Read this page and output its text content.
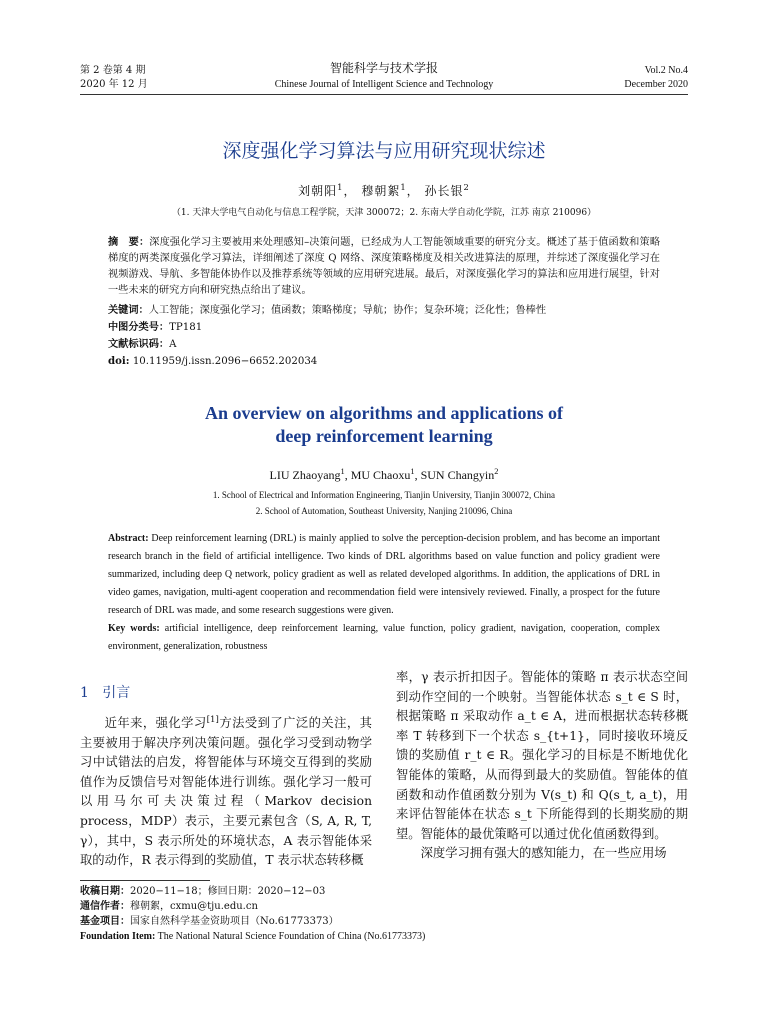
第 2 卷第 4 期
2020 年 12 月
智能科学与技术学报
Chinese Journal of Intelligent Science and Technology
Vol.2 No.4
December 2020
深度强化学习算法与应用研究现状综述
刘朝阳$^1$， 穆朝絮$^1$， 孙长银$^2$
（1. 天津大学电气自动化与信息工程学院，天津 300072；2. 东南大学自动化学院，江苏 南京 210096）
摘　要：深度强化学习主要被用来处理感知–决策问题，已经成为人工智能领域重要的研究分支。概述了基于值函数和策略梯度的两类深度强化学习算法，详细阐述了深度 Q 网络、深度策略梯度及相关改进算法的原理，并综述了深度强化学习在视频游戏、导航、多智能体协作以及推荐系统等领域的应用研究进展。最后，对深度强化学习的算法和应用进行展望，针对一些未来的研究方向和研究热点给出了建议。
关键词：人工智能；深度强化学习；值函数；策略梯度；导航；协作；复杂环境；泛化性；鲁棒性
中图分类号：TP181
文献标识码：A
doi: 10.11959/j.issn.2096−6652.202034
An overview on algorithms and applications of
deep reinforcement learning
LIU Zhaoyang$^1$, MU Chaoxu$^1$, SUN Changyin$^2$
1. School of Electrical and Information Engineering, Tianjin University, Tianjin 300072, China
2. School of Automation, Southeast University, Nanjing 210096, China
Abstract: Deep reinforcement learning (DRL) is mainly applied to solve the perception-decision problem, and has become an important research branch in the field of artificial intelligence. Two kinds of DRL algorithms based on value function and policy gradient were summarized, including deep Q network, policy gradient as well as related developed algorithms. In addition, the applications of DRL in video games, navigation, multi-agent cooperation and recommendation field were intensively reviewed. Finally, a prospect for the future research of DRL was made, and some research suggestions were given.
Key words: artificial intelligence, deep reinforcement learning, value function, policy gradient, navigation, cooperation, complex environment, generalization, robustness
1 引言

近年来，强化学习[1]方法受到了广泛的关注，其主要被用于解决序列决策问题。强化学习受到动物学习中试错法的启发，将智能体与环境交互得到的奖励值作为反馈信号对智能体进行训练。强化学习一般可以用马尔可夫决策过程（Markov decision process，MDP）表示，主要元素包含（S, A, R, T, γ），其中，S 表示所处的环境状态，A 表示智能体采取的动作，R 表示得到的奖励值，T 表示状态转移概

率，γ 表示折扣因子。智能体的策略 π 表示状态空间到动作空间的一个映射。当智能体状态 s_t ∈ S 时，根据策略 π 采取动作 a_t ∈ A，进而根据状态转移概率 T 转移到下一个状态 s_{t+1}，同时接收环境反馈的奖励值 r_t ∈ R。强化学习的目标是不断地优化智能体的策略，从而得到最大的奖励值。智能体的值函数和动作值函数分别为 V(s_t) 和 Q(s_t, a_t)，用来评估智能体在状态 s_t 下所能得到的长期奖励的期望。智能体的最优策略可以通过优化值函数得到。

深度学习拥有强大的感知能力，在一些应用场

收稿日期：2020−11−18；修回日期：2020−12−03
通信作者：穆朝絮，cxmu@tju.edu.cn
基金项目：国家自然科学基金资助项目（No.61773373）
Foundation Item: The National Natural Science Foundation of China (No.61773373)
